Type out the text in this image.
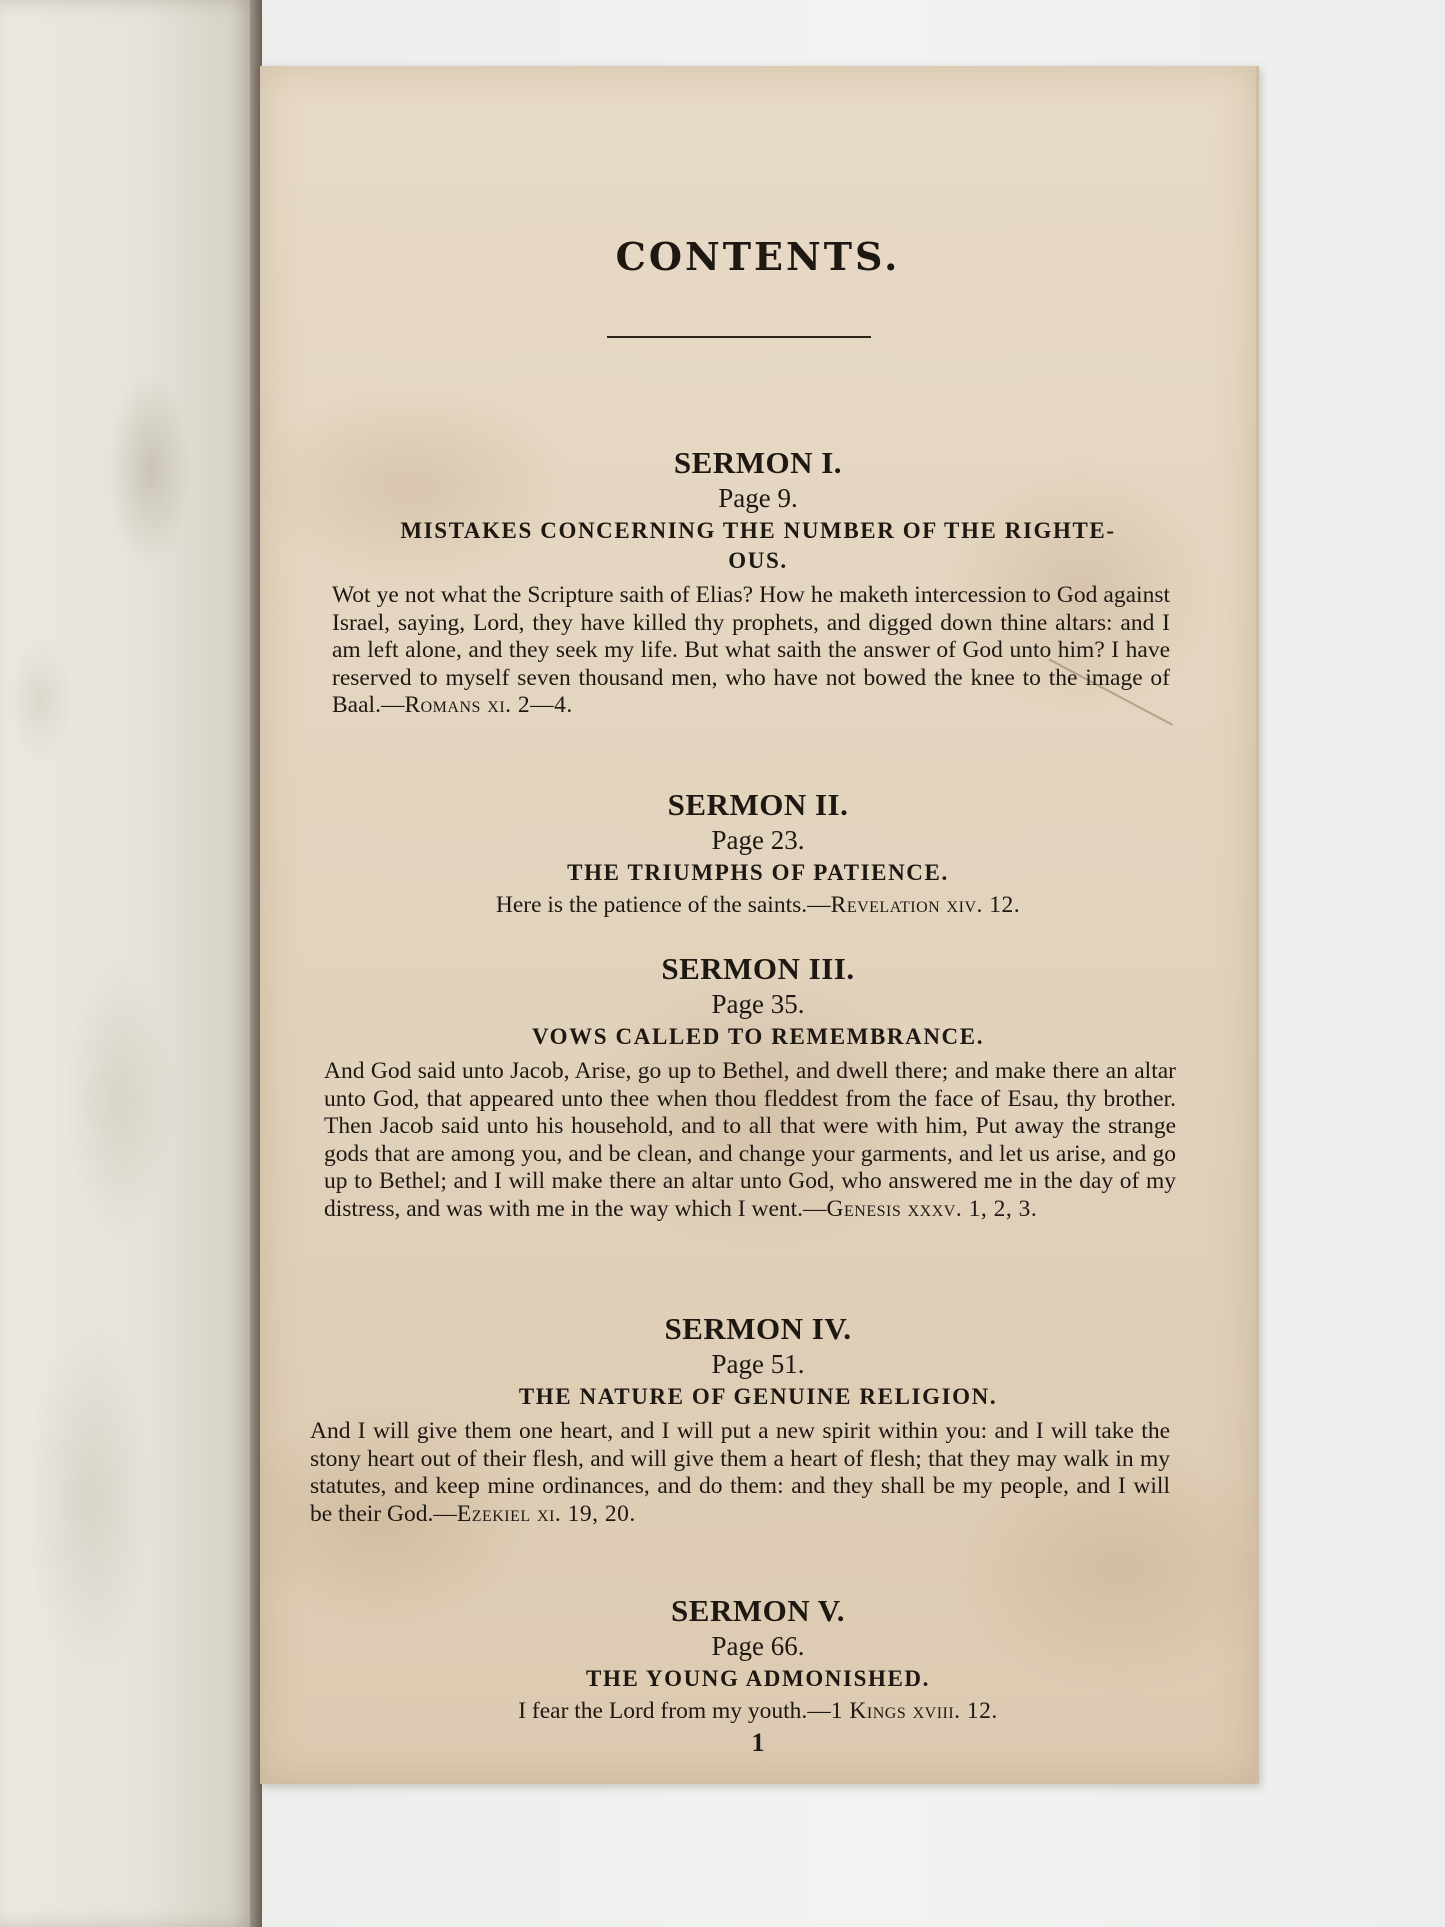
CONTENTS.
SERMON I.
Page 9.
MISTAKES CONCERNING THE NUMBER OF THE RIGHTE-
OUS.
Wot ye not what the Scripture saith of Elias? How he maketh intercession to God against Israel, saying, Lord, they have killed thy prophets, and digged down thine altars: and I am left alone, and they seek my life. But what saith the answer of God unto him? I have reserved to myself seven thousand men, who have not bowed the knee to the image of Baal.—Romans xi. 2—4.
SERMON II.
Page 23.
THE TRIUMPHS OF PATIENCE.
Here is the patience of the saints.—Revelation xiv. 12.
SERMON III.
Page 35.
VOWS CALLED TO REMEMBRANCE.
And God said unto Jacob, Arise, go up to Bethel, and dwell there; and make there an altar unto God, that appeared unto thee when thou fleddest from the face of Esau, thy brother. Then Jacob said unto his household, and to all that were with him, Put away the strange gods that are among you, and be clean, and change your garments, and let us arise, and go up to Bethel; and I will make there an altar unto God, who answered me in the day of my distress, and was with me in the way which I went.—Genesis xxxv. 1, 2, 3.
SERMON IV.
Page 51.
THE NATURE OF GENUINE RELIGION.
And I will give them one heart, and I will put a new spirit within you: and I will take the stony heart out of their flesh, and will give them a heart of flesh; that they may walk in my statutes, and keep mine ordinances, and do them: and they shall be my people, and I will be their God.—Ezekiel xi. 19, 20.
SERMON V.
Page 66.
THE YOUNG ADMONISHED.
I fear the Lord from my youth.—1 Kings xviii. 12.
1
